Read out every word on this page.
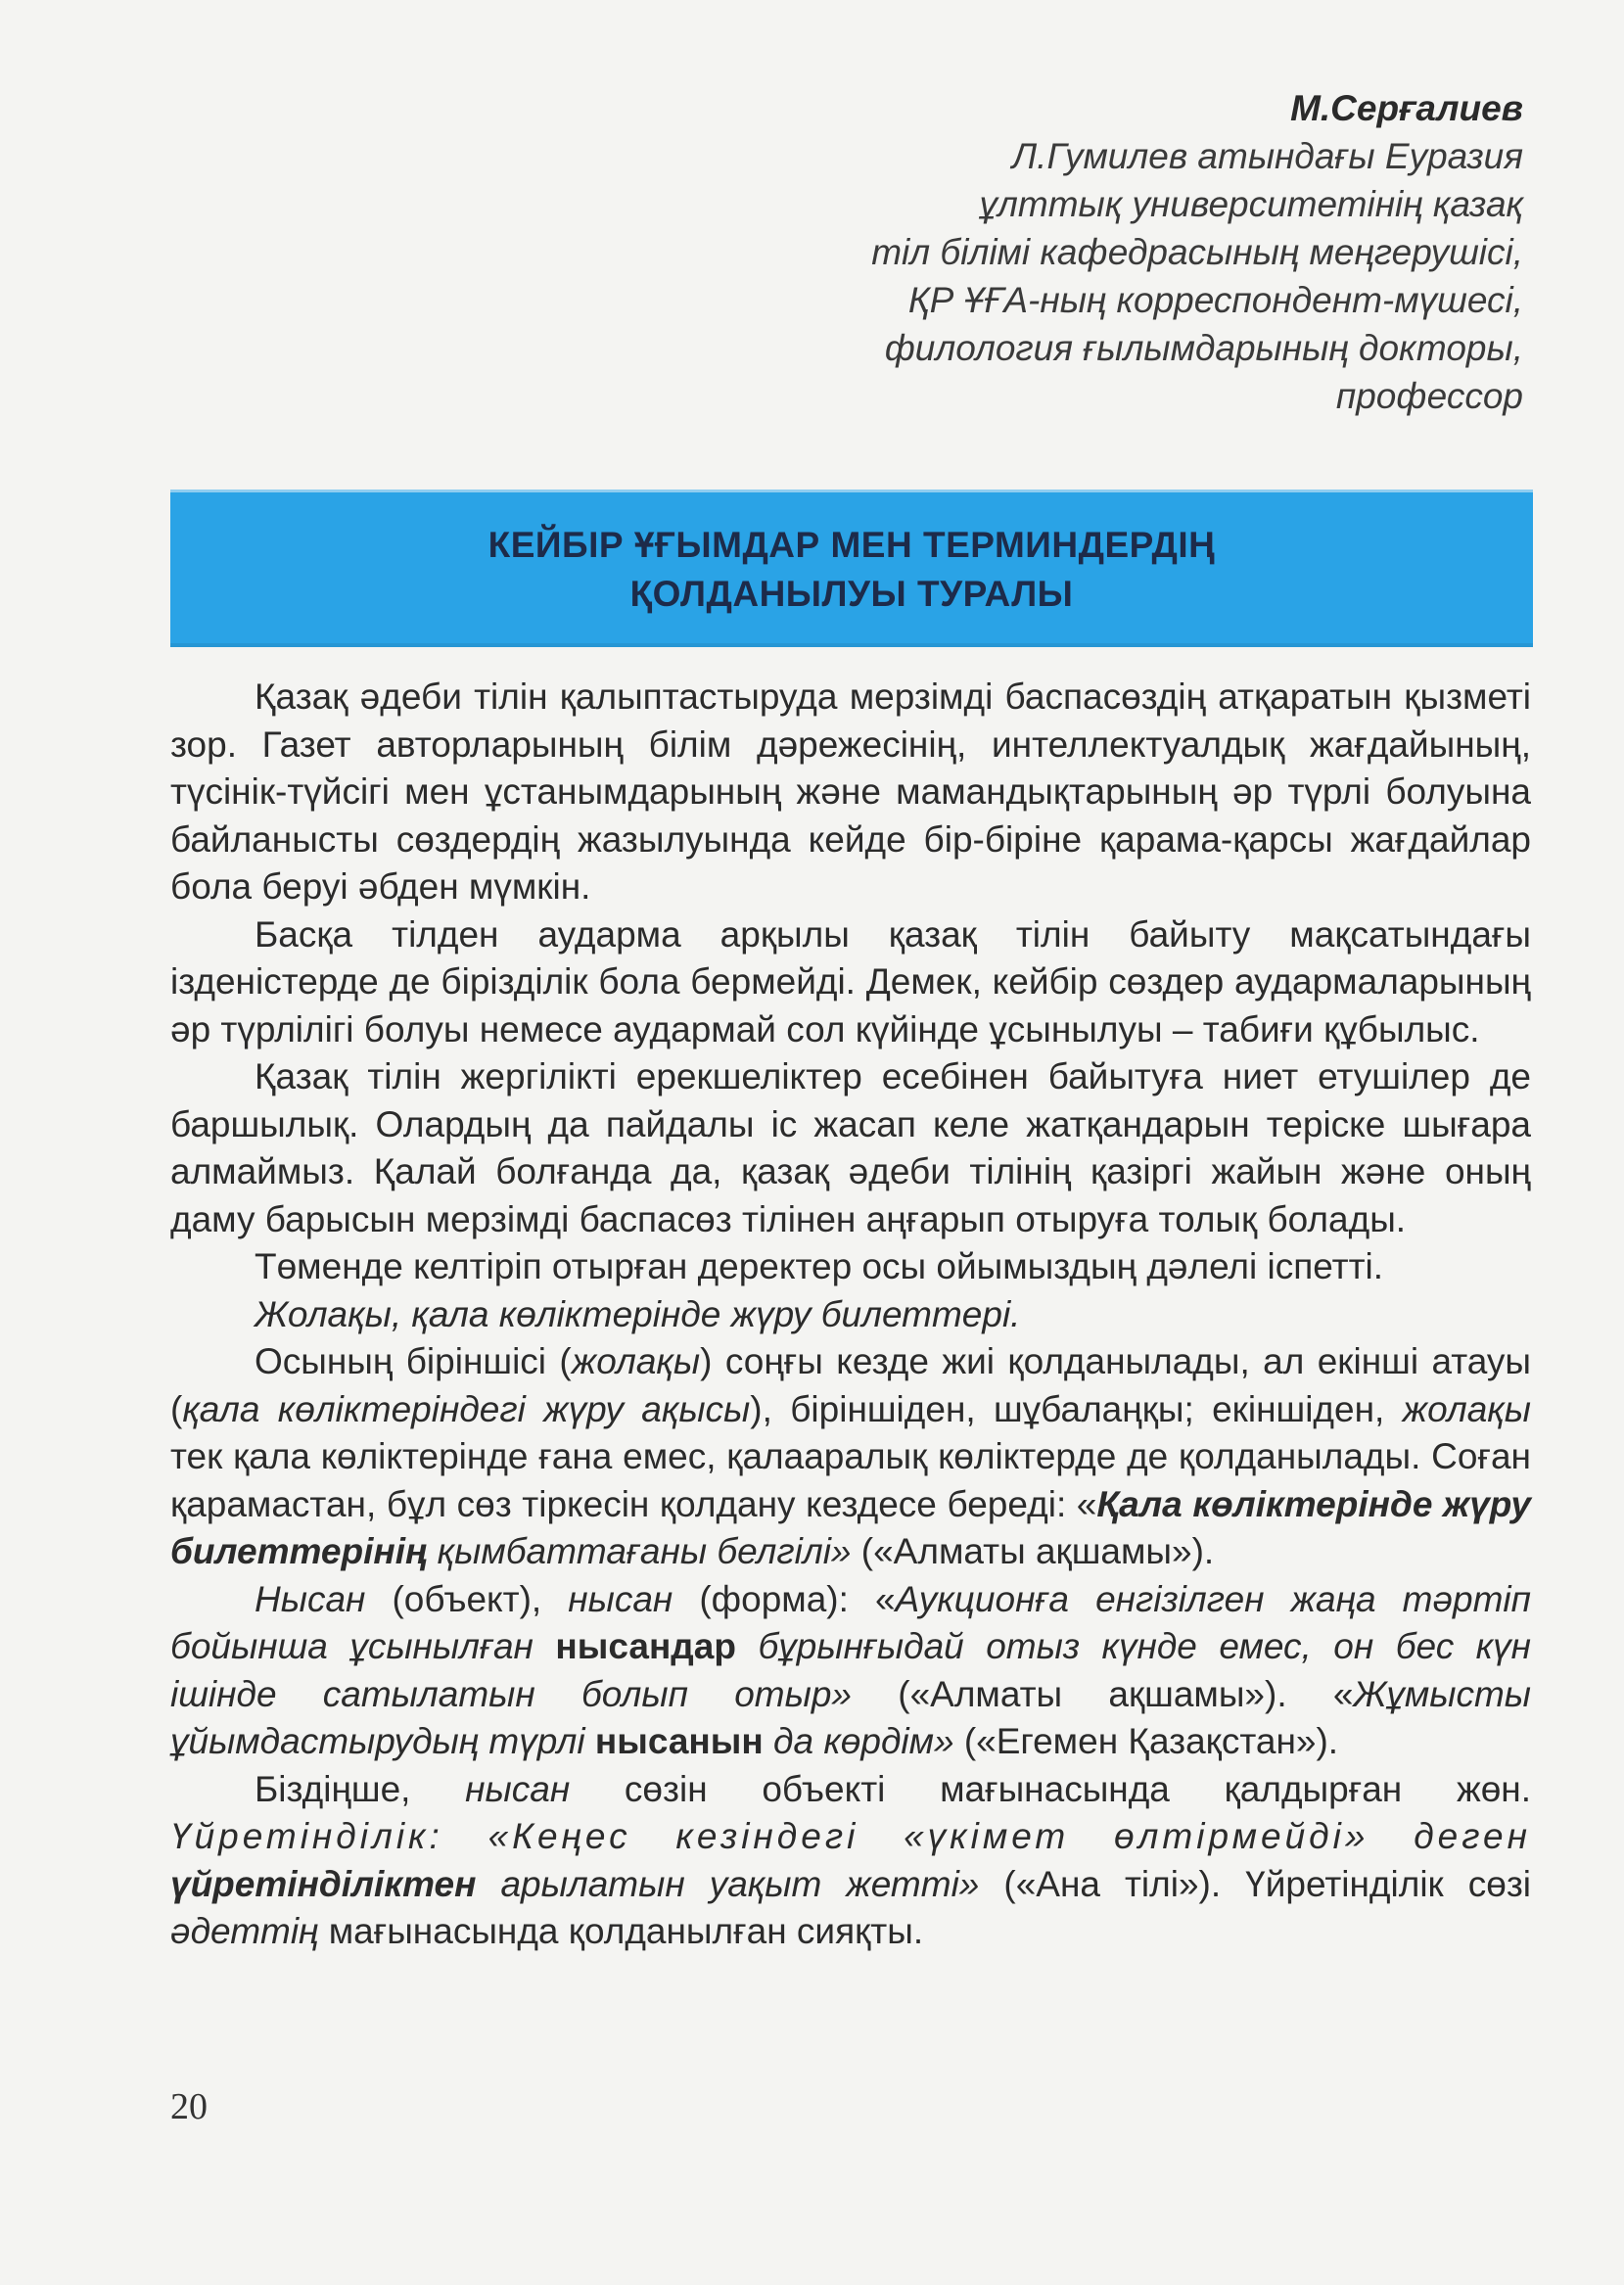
М.Серғалиев
Л.Гумилев атындағы Еуразия
ұлттық университетінің қазақ
тіл білімі кафедрасының меңгерушісі,
ҚР ҰҒА-ның корреспондент-мүшесі,
филология ғылымдарының докторы,
профессор
КЕЙБІР ҰҒЫМДАР МЕН ТЕРМИНДЕРДІҢ
ҚОЛДАНЫЛУЫ ТУРАЛЫ

Қазақ әдеби тілін қалыптастыруда мерзімді баспасөздің атқаратын қызметі зор. Газет авторларының білім дәрежесінің, интеллектуалдық жағдайының, түсінік-түйсігі мен ұстанымдарының және мамандықтарының әр түрлі болуына байланысты сөздердің жазылуында кейде бір-біріне қарама-қарсы жағдайлар бола беруі әбден мүмкін.

Басқа тілден аударма арқылы қазақ тілін байыту мақсатындағы ізденістерде де бірізділік бола бермейді. Демек, кейбір сөздер аудармаларының әр түрлілігі болуы немесе аудармай сол күйінде ұсынылуы – табиғи құбылыс.

Қазақ тілін жергілікті ерекшеліктер есебінен байытуға ниет етушілер де баршылық. Олардың да пайдалы іс жасап келе жатқандарын теріске шығара алмаймыз. Қалай болғанда да, қазақ әдеби тілінің қазіргі жайын және оның даму барысын мерзімді баспасөз тілінен аңғарып отыруға толық болады.

Төменде келтіріп отырған деректер осы ойымыздың дәлелі іспетті.

Жолақы, қала көліктерінде жүру билеттері.

Осының біріншісі (жолақы) соңғы кезде жиі қолданылады, ал екінші атауы (қала көліктеріндегі жүру ақысы), біріншіден, шұбалаңқы; екіншіден, жолақы тек қала көліктерінде ғана емес, қалааралық көліктерде де қолданылады. Соған қарамастан, бұл сөз тіркесін қолдану кездесе береді: «Қала көліктерінде жүру билеттерінің қымбаттағаны белгілі» («Алматы ақшамы»).

Нысан (объект), нысан (форма): «Аукционға енгізілген жаңа тәртіп бойынша ұсынылған нысандар бұрынғыдай отыз күнде емес, он бес күн ішінде сатылатын болып отыр» («Алматы ақшамы»). «Жұмысты ұйымдастырудың түрлі нысанын да көрдім» («Егемен Қазақстан»).

Біздіңше, нысан сөзін объекті мағынасында қалдырған жөн. Үйретінділік: «Кеңес кезіндегі «үкімет өлтірмейді» деген үйретінділіктен арылатын уақыт жетті» («Ана тілі»). Үйретінділік сөзі әдеттің мағынасында қолданылған сияқты.

20
